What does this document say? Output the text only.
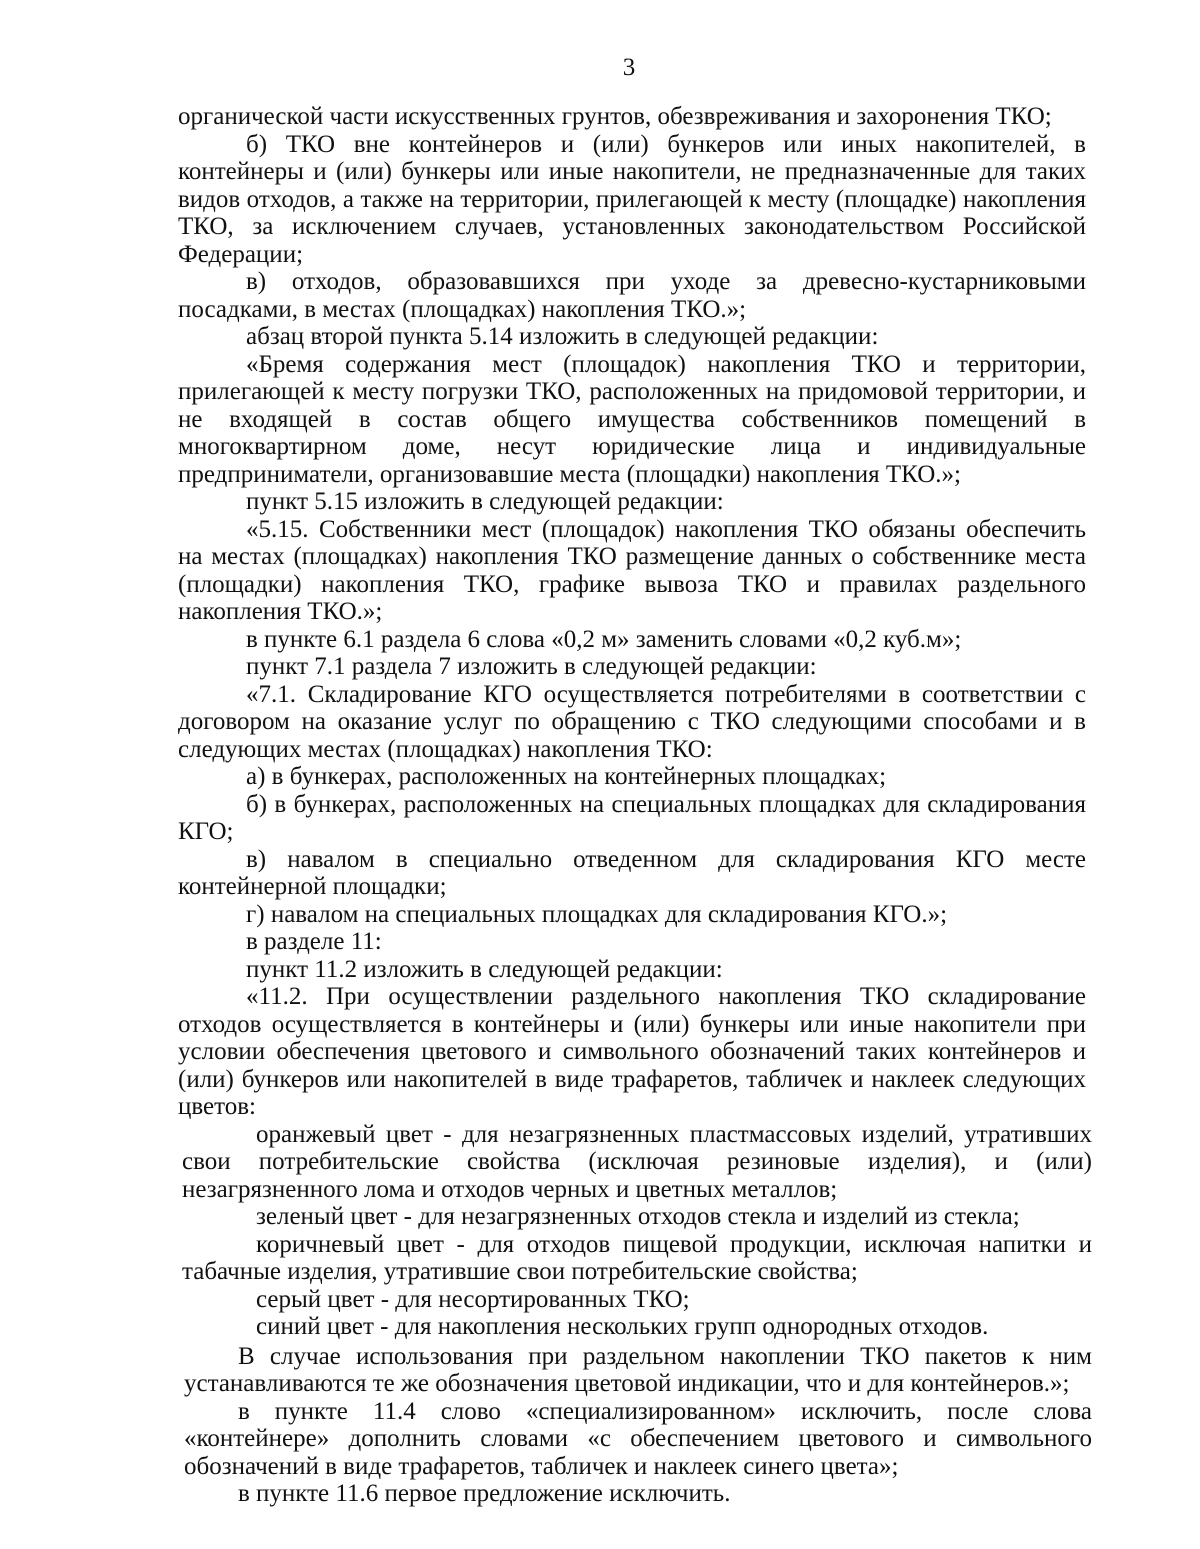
3

органической части искусственных грунтов, обезвреживания и захоронения ТКО;

б) ТКО вне контейнеров и (или) бункеров или иных накопителей, в контейнеры и (или) бункеры или иные накопители, не предназначенные для таких видов отходов, а также на территории, прилегающей к месту (площадке) накопления ТКО, за исключением случаев, установленных законодательством Российской Федерации;

в) отходов, образовавшихся при уходе за древесно-кустарниковыми посадками, в местах (площадках) накопления ТКО.»;

абзац второй пункта 5.14 изложить в следующей редакции:

«Бремя содержания мест (площадок) накопления ТКО и территории, прилегающей к месту погрузки ТКО, расположенных на придомовой территории, и не входящей в состав общего имущества собственников помещений в многоквартирном доме, несут юридические лица и индивидуальные предприниматели, организовавшие места (площадки) накопления ТКО.»;

пункт 5.15 изложить в следующей редакции:

«5.15. Собственники мест (площадок) накопления ТКО обязаны обеспечить на местах (площадках) накопления ТКО размещение данных о собственнике места (площадки) накопления ТКО, графике вывоза ТКО и правилах раздельного накопления ТКО.»;

в пункте 6.1 раздела 6 слова «0,2 м» заменить словами «0,2 куб.м»;

пункт 7.1 раздела 7 изложить в следующей редакции:

«7.1. Складирование КГО осуществляется потребителями в соответствии с договором на оказание услуг по обращению с ТКО следующими способами и в следующих местах (площадках) накопления ТКО:

а) в бункерах, расположенных на контейнерных площадках;

б) в бункерах, расположенных на специальных площадках для складирования КГО;

в) навалом в специально отведенном для складирования КГО месте контейнерной площадки;

г) навалом на специальных площадках для складирования КГО.»;

в разделе 11:

пункт 11.2 изложить в следующей редакции:

«11.2. При осуществлении раздельного накопления ТКО складирование отходов осуществляется в контейнеры и (или) бункеры или иные накопители при условии обеспечения цветового и символьного обозначений таких контейнеров и (или) бункеров или накопителей в виде трафаретов, табличек и наклеек следующих цветов:

оранжевый цвет - для незагрязненных пластмассовых изделий, утративших свои потребительские свойства (исключая резиновые изделия), и (или) незагрязненного лома и отходов черных и цветных металлов;

зеленый цвет - для незагрязненных отходов стекла и изделий из стекла;

коричневый цвет - для отходов пищевой продукции, исключая напитки и табачные изделия, утратившие свои потребительские свойства;

серый цвет - для несортированных ТКО;

синий цвет - для накопления нескольких групп однородных отходов.

В случае использования при раздельном накоплении ТКО пакетов к ним устанавливаются те же обозначения цветовой индикации, что и для контейнеров.»;

в пункте 11.4 слово «специализированном» исключить, после слова «контейнере» дополнить словами «с обеспечением цветового и символьного обозначений в виде трафаретов, табличек и наклеек синего цвета»;

в пункте 11.6 первое предложение исключить.
